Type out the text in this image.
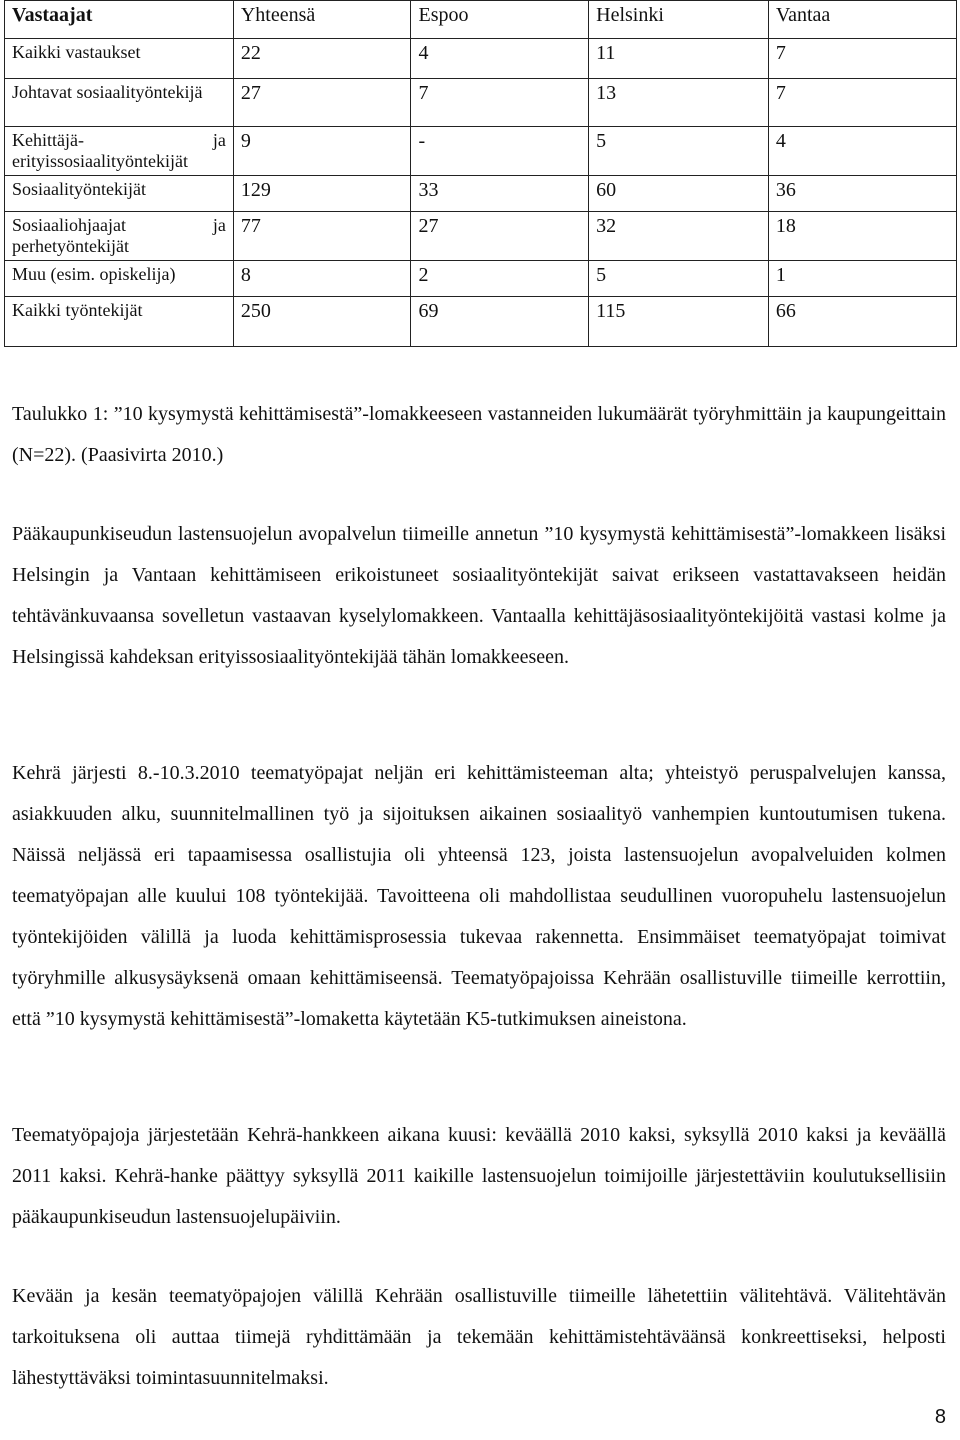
Vastaajat	Yhteensä	Espoo	Helsinki	Vantaa
Kaikki vastaukset	22	4	11	7
Johtavat sosiaalityöntekijä	27	7	13	7

Kehittäjä- ja
erityissosiaalityöntekijät	9	-	5	4
Sosiaalityöntekijät	129	33	60	36

Sosiaaliohjaajat ja
perhetyöntekijät	77	27	32	18
Muu (esim. opiskelija)	8	2	5	1
Kaikki työntekijät	250	69	115	66

Taulukko 1: ”10 kysymystä kehittämisestä”-lomakkeeseen vastanneiden lukumäärät työryhmittäin ja kaupungeittain (N=22). (Paasivirta 2010.)

Pääkaupunkiseudun lastensuojelun avopalvelun tiimeille annetun ”10 kysymystä kehittämisestä”-lomakkeen lisäksi Helsingin ja Vantaan kehittämiseen erikoistuneet sosiaalityöntekijät saivat erikseen vastattavakseen heidän tehtävänkuvaansa sovelletun vastaavan kyselylomakkeen. Vantaalla kehittäjäsosiaalityöntekijöitä vastasi kolme ja Helsingissä kahdeksan erityissosiaalityöntekijää tähän lomakkeeseen.

Kehrä järjesti 8.-10.3.2010 teematyöpajat neljän eri kehittämisteeman alta; yhteistyö peruspalvelujen kanssa, asiakkuuden alku, suunnitelmallinen työ ja sijoituksen aikainen sosiaalityö vanhempien kuntoutumisen tukena. Näissä neljässä eri tapaamisessa osallistujia oli yhteensä 123, joista lastensuojelun avopalveluiden kolmen teematyöpajan alle kuului 108 työntekijää. Tavoitteena oli mahdollistaa seudullinen vuoropuhelu lastensuojelun työntekijöiden välillä ja luoda kehittämisprosessia tukevaa rakennetta. Ensimmäiset teematyöpajat toimivat työryhmille alkusysäyksenä omaan kehittämiseensä. Teematyöpajoissa Kehrään osallistuville tiimeille kerrottiin, että ”10 kysymystä kehittämisestä”-lomaketta käytetään K5-tutkimuksen aineistona.

Teematyöpajoja järjestetään Kehrä-hankkeen aikana kuusi: keväällä 2010 kaksi, syksyllä 2010 kaksi ja keväällä 2011 kaksi. Kehrä-hanke päättyy syksyllä 2011 kaikille lastensuojelun toimijoille järjestettäviin koulutuksellisiin pääkaupunkiseudun lastensuojelupäiviin.

Kevään ja kesän teematyöpajojen välillä Kehrään osallistuville tiimeille lähetettiin välitehtävä. Välitehtävän tarkoituksena oli auttaa tiimejä ryhdittämään ja tekemään kehittämistehtäväänsä konkreettiseksi, helposti lähestyttäväksi toimintasuunnitelmaksi.

8
